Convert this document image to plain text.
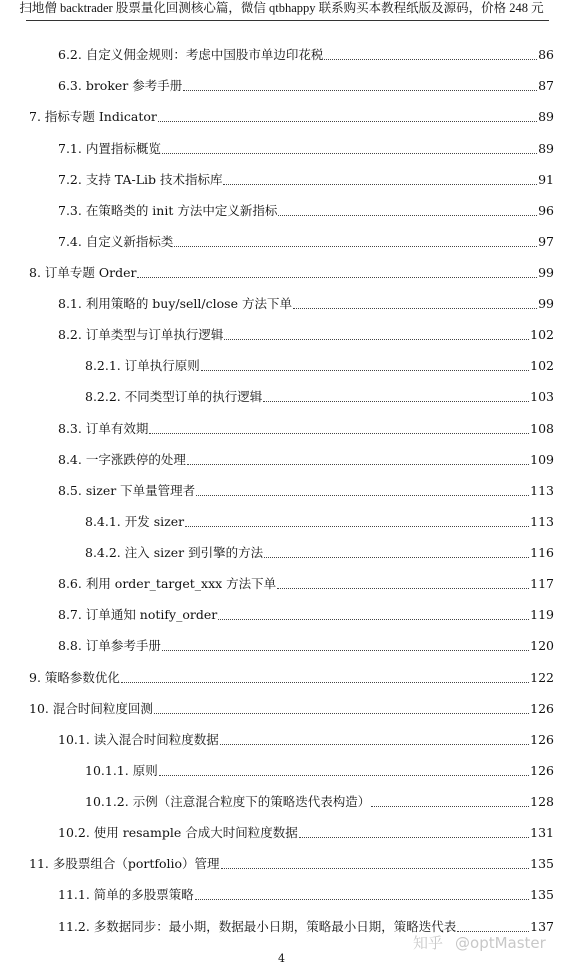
扫地僧 backtrader 股票量化回测核心篇，微信 qtbhappy 联系购买本教程纸版及源码，价格 248 元
6.2. 自定义佣金规则：考虑中国股市单边印花税	86
6.3. broker 参考手册	87
7. 指标专题 Indicator	89
7.1. 内置指标概览	89
7.2. 支持 TA-Lib 技术指标库	91
7.3. 在策略类的 init 方法中定义新指标	96
7.4. 自定义新指标类	97
8. 订单专题 Order	99
8.1. 利用策略的 buy/sell/close 方法下单	99
8.2. 订单类型与订单执行逻辑	102
8.2.1. 订单执行原则	102
8.2.2. 不同类型订单的执行逻辑	103
8.3. 订单有效期	108
8.4. 一字涨跌停的处理	109
8.5. sizer 下单量管理者	113
8.4.1. 开发 sizer	113
8.4.2. 注入 sizer 到引擎的方法	116
8.6. 利用 order_target_xxx 方法下单	117
8.7. 订单通知 notify_order	119
8.8. 订单参考手册	120
9. 策略参数优化	122
10. 混合时间粒度回测	126
10.1. 读入混合时间粒度数据	126
10.1.1. 原则	126
10.1.2. 示例（注意混合粒度下的策略迭代表构造）	128
10.2. 使用 resample 合成大时间粒度数据	131
11. 多股票组合（portfolio）管理	135
11.1. 简单的多股票策略	135
11.2. 多数据同步：最小期，数据最小日期，策略最小日期，策略迭代表	137
知乎 @optMaster
4
